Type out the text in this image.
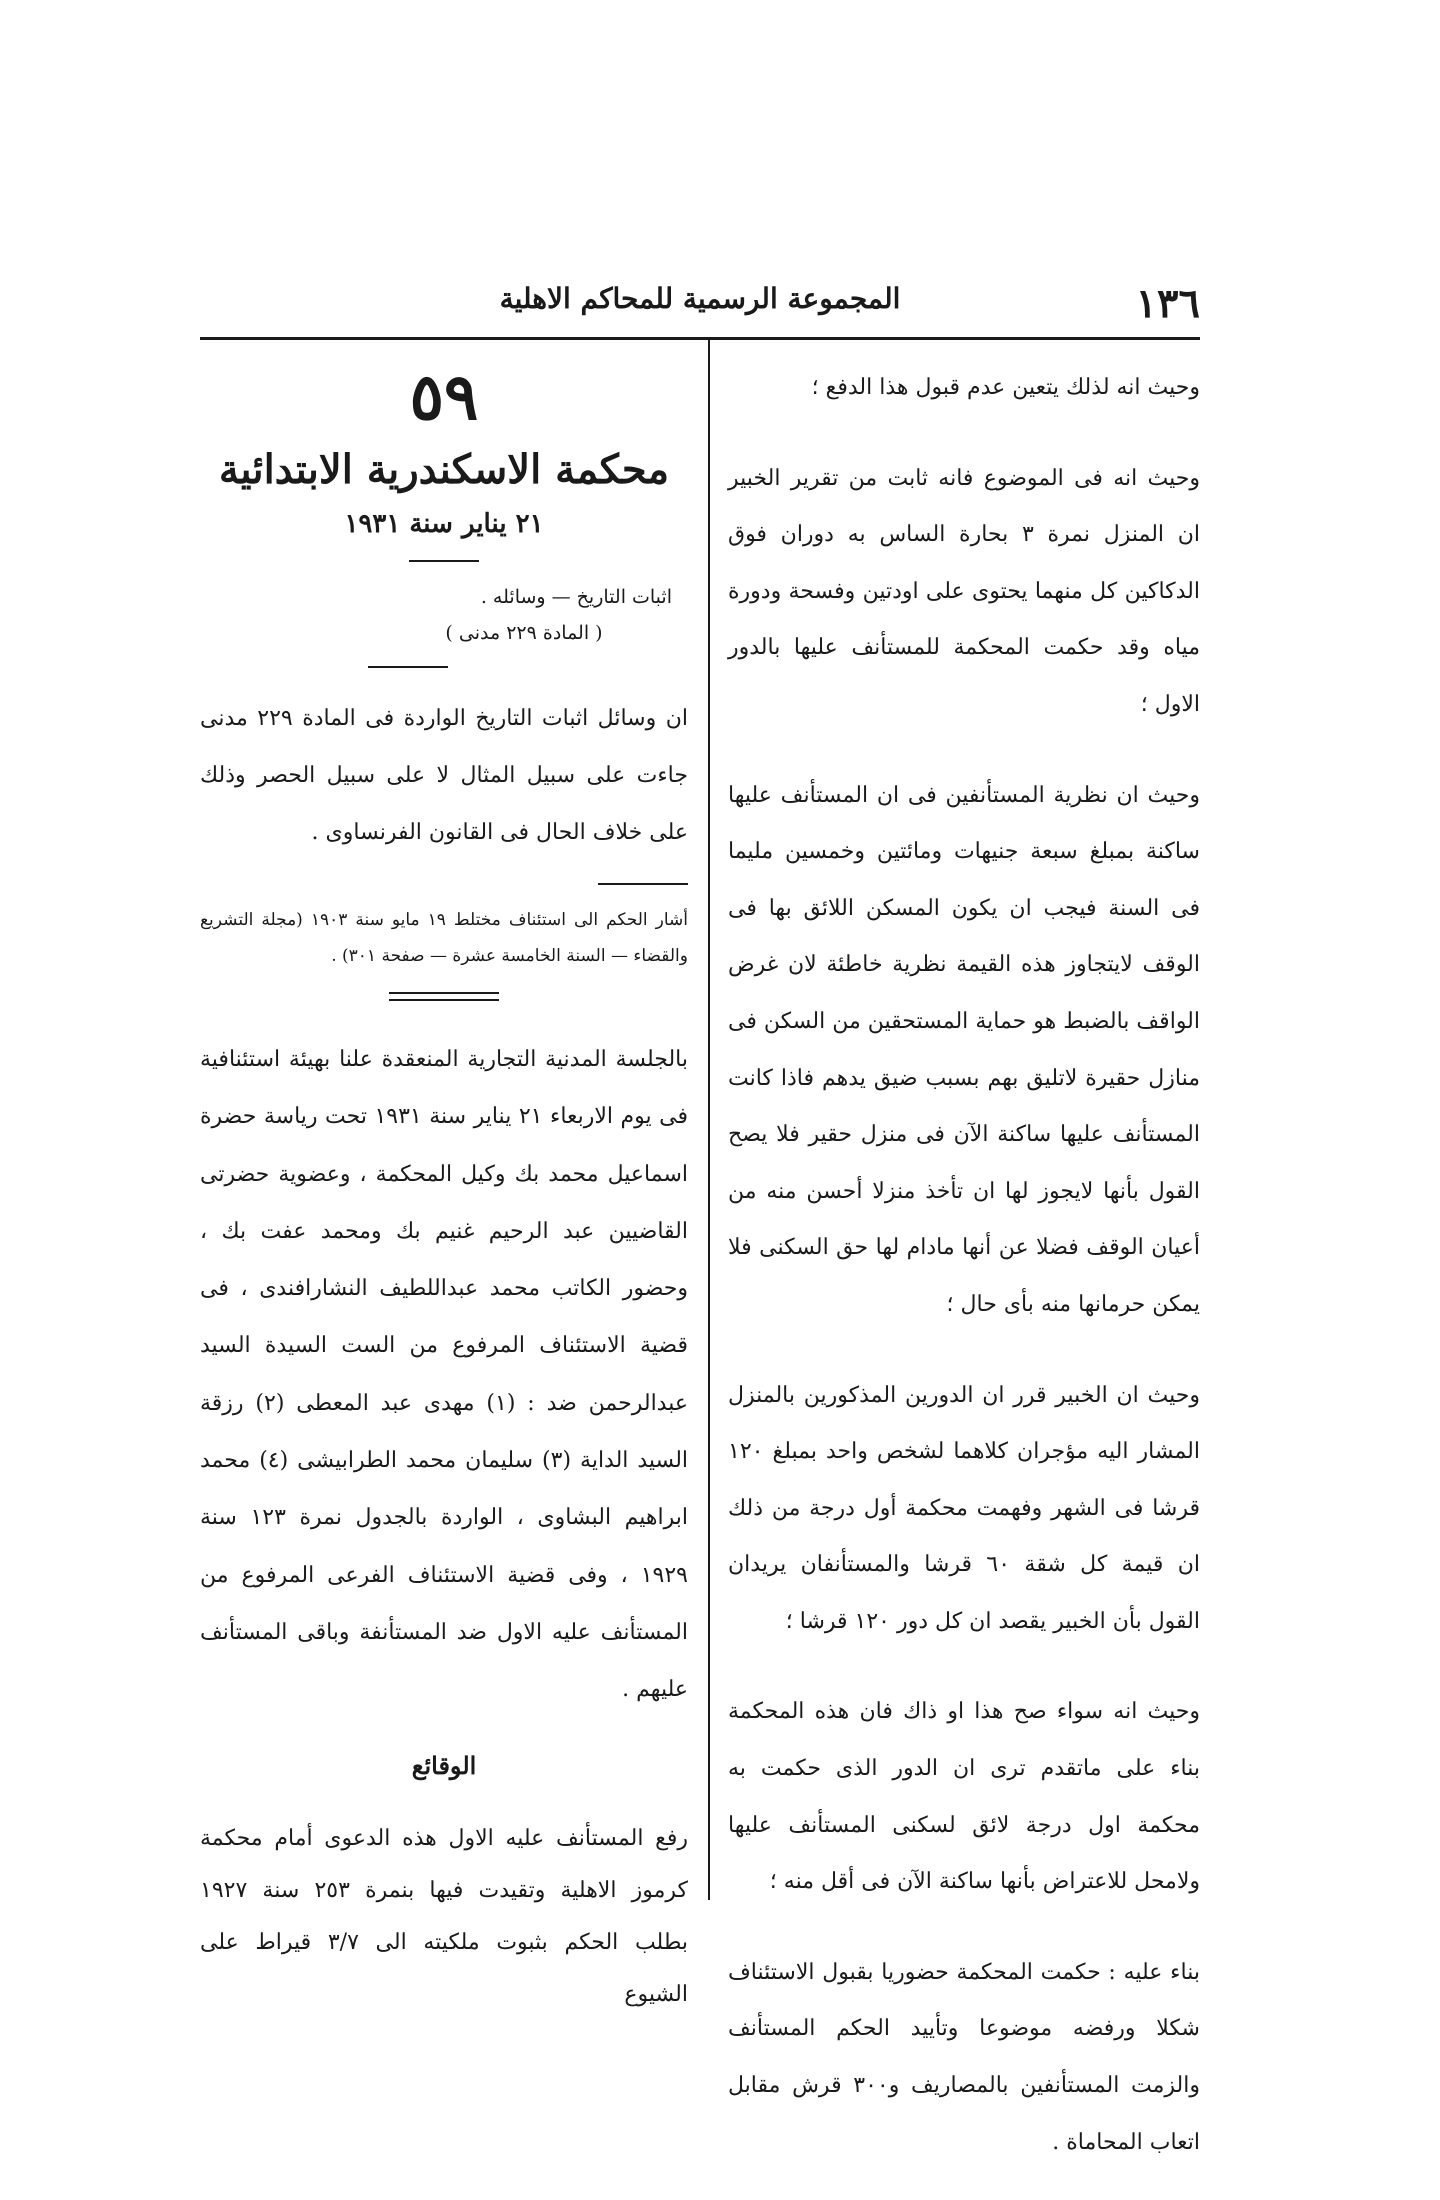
١٣٦
المجموعة الرسمية للمحاكم الاهلية

وحيث انه لذلك يتعين عدم قبول هذا الدفع ؛

وحيث انه فى الموضوع فانه ثابت من تقرير الخبير ان المنزل نمرة ٣ بحارة الساس به دوران فوق الدكاكين كل منهما يحتوى على اودتين وفسحة ودورة مياه وقد حكمت المحكمة للمستأنف عليها بالدور الاول ؛

وحيث ان نظرية المستأنفين فى ان المستأنف عليها ساكنة بمبلغ سبعة جنيهات ومائتين وخمسين مليما فى السنة فيجب ان يكون المسكن اللائق بها فى الوقف لايتجاوز هذه القيمة نظرية خاطئة لان غرض الواقف بالضبط هو حماية المستحقين من السكن فى منازل حقيرة لاتليق بهم بسبب ضيق يدهم فاذا كانت المستأنف عليها ساكنة الآن فى منزل حقير فلا يصح القول بأنها لايجوز لها ان تأخذ منزلا أحسن منه من أعيان الوقف فضلا عن أنها مادام لها حق السكنى فلا يمكن حرمانها منه بأى حال ؛

وحيث ان الخبير قرر ان الدورين المذكورين بالمنزل المشار اليه مؤجران كلاهما لشخص واحد بمبلغ ١٢٠ قرشا فى الشهر وفهمت محكمة أول درجة من ذلك ان قيمة كل شقة ٦٠ قرشا والمستأنفان يريدان القول بأن الخبير يقصد ان كل دور ١٢٠ قرشا ؛

وحيث انه سواء صح هذا او ذاك فان هذه المحكمة بناء على ماتقدم ترى ان الدور الذى حكمت به محكمة اول درجة لائق لسكنى المستأنف عليها ولامحل للاعتراض بأنها ساكنة الآن فى أقل منه ؛

بناء عليه : حكمت المحكمة حضوريا بقبول الاستئناف شكلا ورفضه موضوعا وتأييد الحكم المستأنف والزمت المستأنفين بالمصاريف و٣٠٠ قرش مقابل اتعاب المحاماة .

٥٩
محكمة الاسكندرية الابتدائية
٢١ يناير سنة ١٩٣١
اثبات التاريخ — وسائله .
( المادة ٢٢٩ مدنى )

ان وسائل اثبات التاريخ الواردة فى المادة ٢٢٩ مدنى جاءت على سبيل المثال لا على سبيل الحصر وذلك على خلاف الحال فى القانون الفرنساوى .

أشار الحكم الى استئناف مختلط ١٩ مايو سنة ١٩٠٣ (مجلة التشريع والقضاء — السنة الخامسة عشرة — صفحة ٣٠١) .

بالجلسة المدنية التجارية المنعقدة علنا بهيئة استئنافية فى يوم الاربعاء ٢١ يناير سنة ١٩٣١ تحت رياسة حضرة اسماعيل محمد بك وكيل المحكمة ، وعضوية حضرتى القاضيين عبد الرحيم غنيم بك ومحمد عفت بك ، وحضور الكاتب محمد عبداللطيف النشارافندى ، فى قضية الاستئناف المرفوع من الست السيدة السيد عبدالرحمن ضد : (١) مهدى عبد المعطى (٢) رزقة السيد الداية (٣) سليمان محمد الطرابيشى (٤) محمد ابراهيم البشاوى ، الواردة بالجدول نمرة ١٢٣ سنة ١٩٢٩ ، وفى قضية الاستئناف الفرعى المرفوع من المستأنف عليه الاول ضد المستأنفة وباقى المستأنف عليهم .

الوقائع

رفع المستأنف عليه الاول هذه الدعوى أمام محكمة كرموز الاهلية وتقيدت فيها بنمرة ٢٥٣ سنة ١٩٢٧ بطلب الحكم بثبوت ملكيته الى ٣/٧ قيراط على الشيوع
